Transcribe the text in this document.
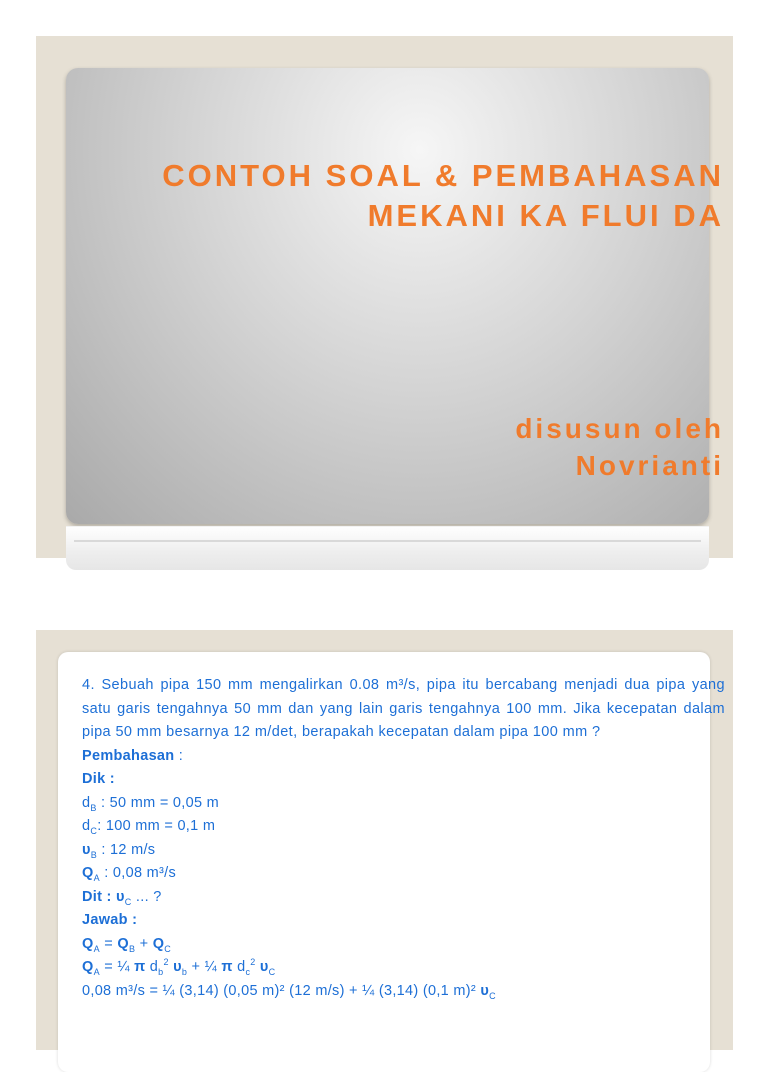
CONTOH SOAL & PEMBAHASAN
MEKANI KA FLUI DA
disusun oleh
Novrianti

4. Sebuah pipa 150 mm mengalirkan 0.08 m³/s, pipa itu bercabang menjadi dua pipa yang satu garis tengahnya 50 mm dan yang lain garis tengahnya 100 mm. Jika kecepatan dalam pipa 50 mm besarnya 12 m/det, berapakah kecepatan dalam pipa 100 mm ?

Pembahasan :
Dik :
$d_B$ : 50 mm = 0,05 m
$d_C$: 100 mm = 0,1 m
$\upsilon_B$ : 12 m/s
$Q_A$ : 0,08 m³/s
Dit : $\upsilon_C$ ... ?
Jawab :
$Q_A = Q_B + Q_C$
$Q_A$ = ¼ π $d_b^2$ $\upsilon_b$ + ¼ π $d_c^2$ $\upsilon_C$
0,08 m³/s = ¼ (3,14) (0,05 m)² (12 m/s) + ¼ (3,14) (0,1 m)² $\upsilon_C$
